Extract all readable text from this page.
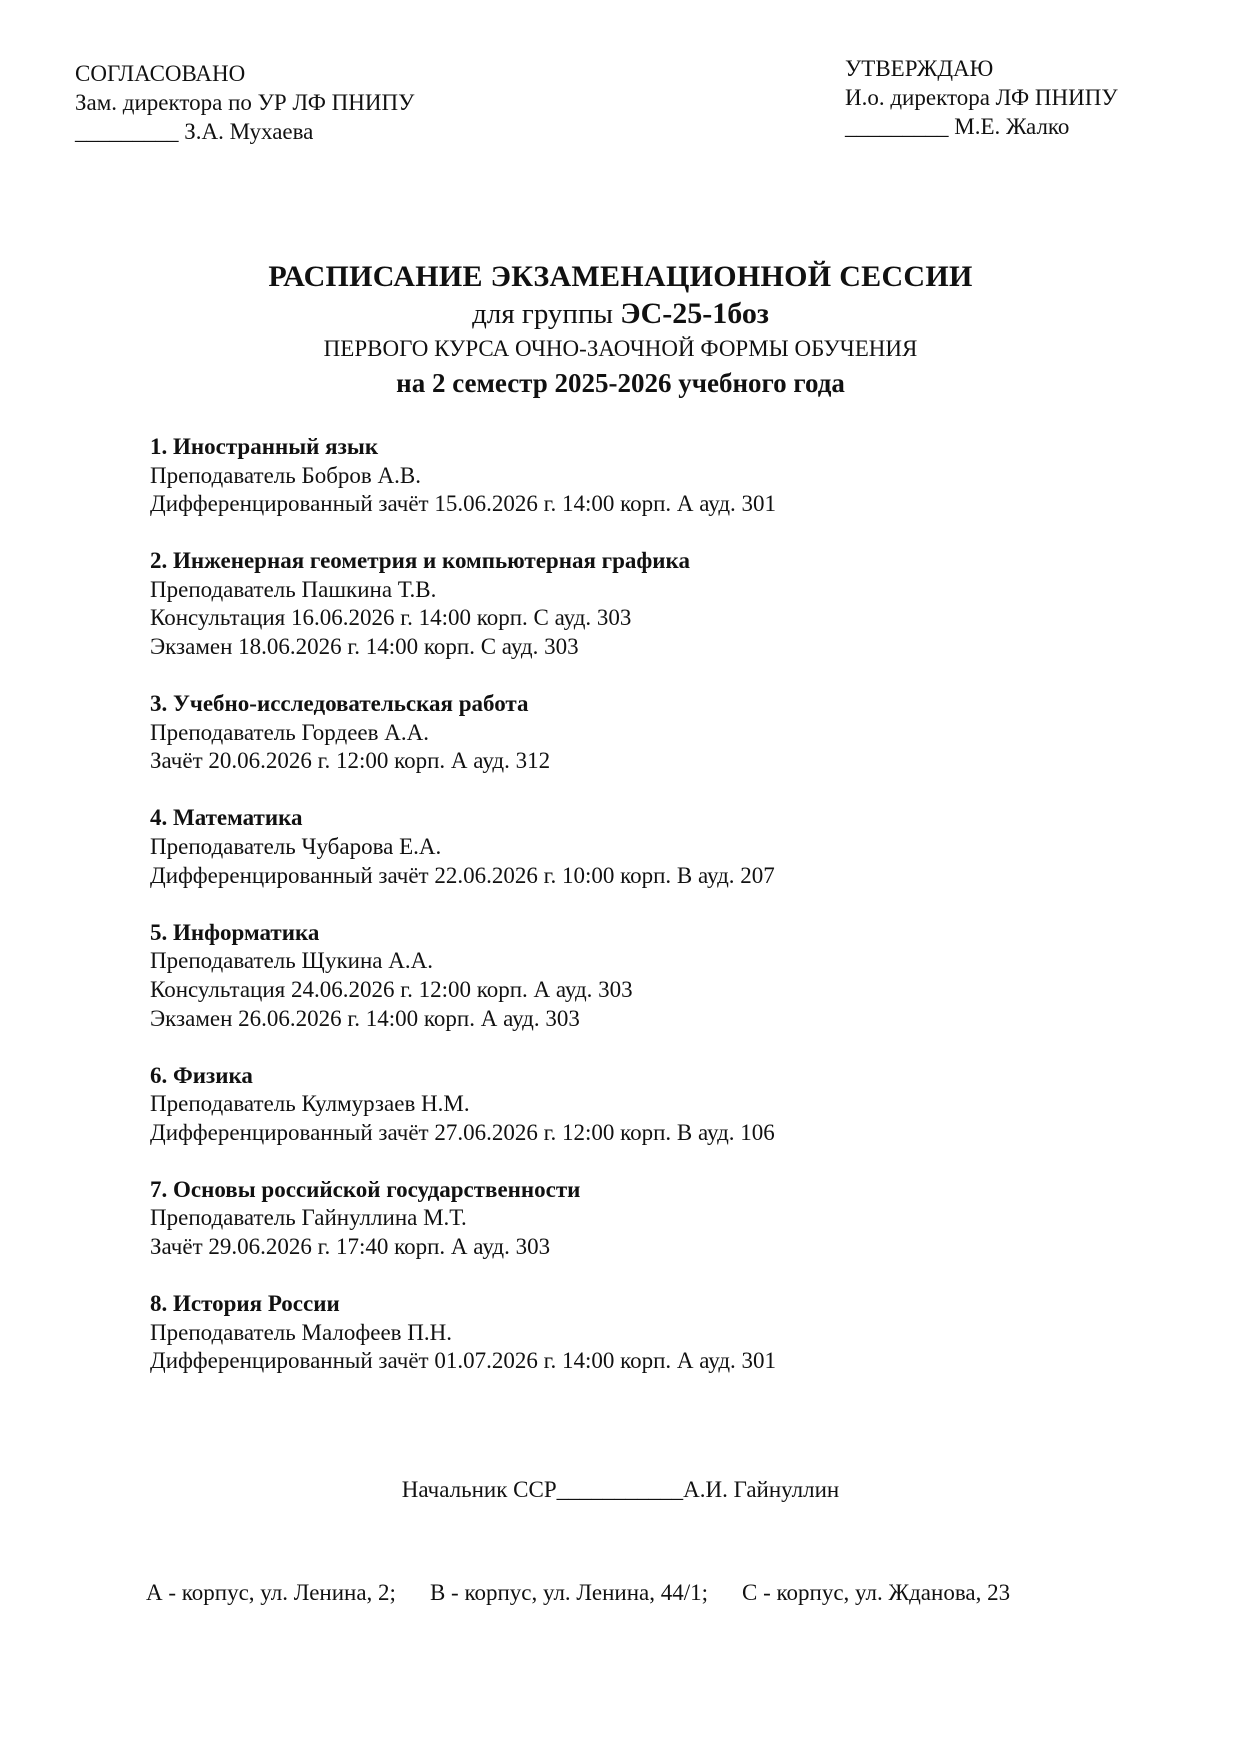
СОГЛАСОВАНО
Зам. директора по УР ЛФ ПНИПУ
_________ З.А. Мухаева
УТВЕРЖДАЮ
И.о. директора ЛФ ПНИПУ
_________ М.Е. Жалко
РАСПИСАНИЕ ЭКЗАМЕНАЦИОННОЙ СЕССИИ
для группы ЭС-25-1боз
ПЕРВОГО КУРСА ОЧНО-ЗАОЧНОЙ ФОРМЫ ОБУЧЕНИЯ
на 2 семестр 2025-2026 учебного года
1. Иностранный язык
Преподаватель Бобров А.В.
Дифференцированный зачёт 15.06.2026 г. 14:00 корп. А ауд. 301
2. Инженерная геометрия и компьютерная графика
Преподаватель Пашкина Т.В.
Консультация 16.06.2026 г. 14:00 корп. С ауд. 303
Экзамен 18.06.2026 г. 14:00 корп. С ауд. 303
3. Учебно-исследовательская работа
Преподаватель Гордеев А.А.
Зачёт 20.06.2026 г. 12:00 корп. А ауд. 312
4. Математика
Преподаватель Чубарова Е.А.
Дифференцированный зачёт 22.06.2026 г. 10:00 корп. В ауд. 207
5. Информатика
Преподаватель Щукина А.А.
Консультация 24.06.2026 г. 12:00 корп. А ауд. 303
Экзамен 26.06.2026 г. 14:00 корп. А ауд. 303
6. Физика
Преподаватель Кулмурзаев Н.М.
Дифференцированный зачёт 27.06.2026 г. 12:00 корп. В ауд. 106
7. Основы российской государственности
Преподаватель Гайнуллина М.Т.
Зачёт 29.06.2026 г. 17:40 корп. А ауд. 303
8. История России
Преподаватель Малофеев П.Н.
Дифференцированный зачёт 01.07.2026 г. 14:00 корп. А ауд. 301
Начальник ССР___________А.И. Гайнуллин
А - корпус, ул. Ленина, 2; В - корпус, ул. Ленина, 44/1; С - корпус, ул. Жданова, 23
